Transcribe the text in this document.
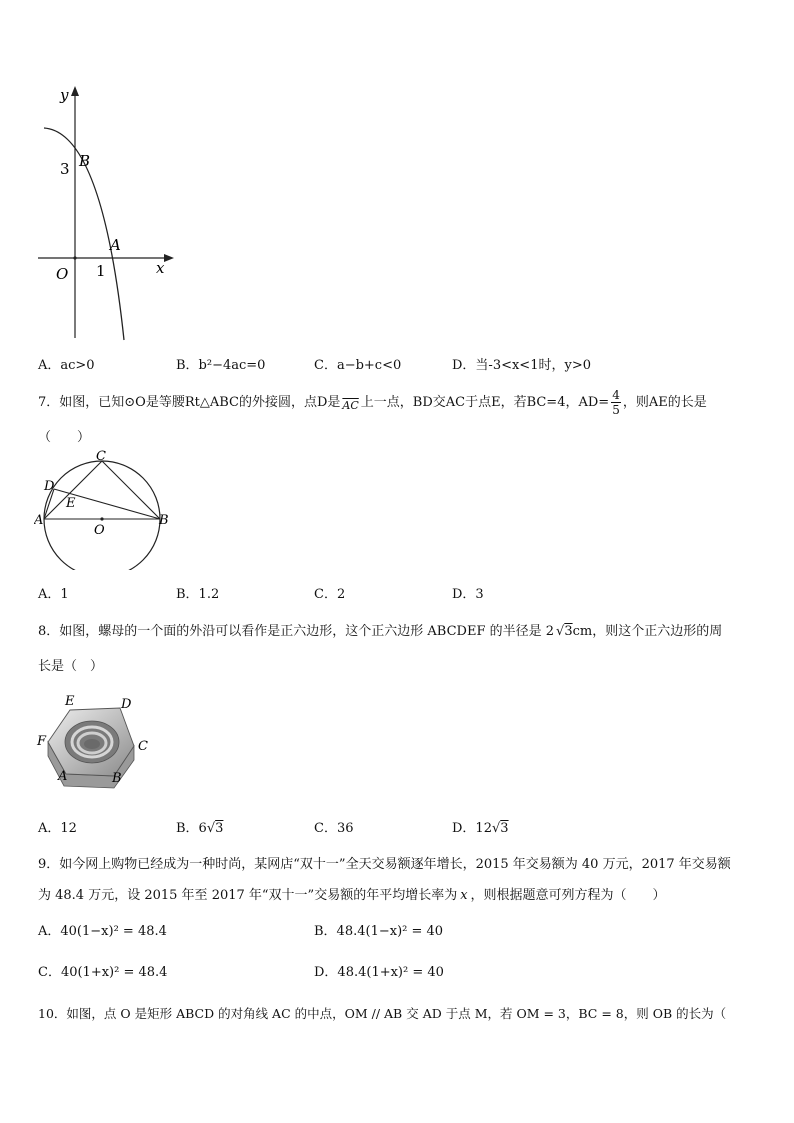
y
x
O
B
A
3
1
A．ac>0	B．b²−4ac=0	C．a−b+c<0	D．当-3<x<1时，y>0
7．如图，已知⊙O是等腰Rt△ABC的外接圆，点D是 $_{\overline{AC}}$ 上一点，BD交AC于点E，若BC=4，$AD= \frac{4}{5}$ ，则AE的长是
（　　）
C
D
E
A
O
B
A．1	B．1.2	C．2	D．3
8．如图，螺母的一个面的外沿可以看作是正六边形，这个正六边形 ABCDEF 的半径是 2 √3cm，则这个正六边形的周
长是（　）
E	D
F	C
A	B
A．12	B．6√3	C．36	D．12√3
9．如今网上购物已经成为一种时尚，某网店“双十一”全天交易额逐年增长，2015 年交易额为 40 万元，2017 年交易额
为 48.4 万元，设 2015 年至 2017 年“双十一”交易额的年平均增长率为 x ，则根据题意可列方程为（　　）
A．40(1−x)² = 48.4	B．48.4(1−x)² = 40
C．40(1+x)² = 48.4	D．48.4(1+x)² = 40
10．如图，点 O 是矩形 ABCD 的对角线 AC 的中点，OM // AB 交 AD 于点 M，若 OM = 3，BC = 8，则 OB 的长为（
